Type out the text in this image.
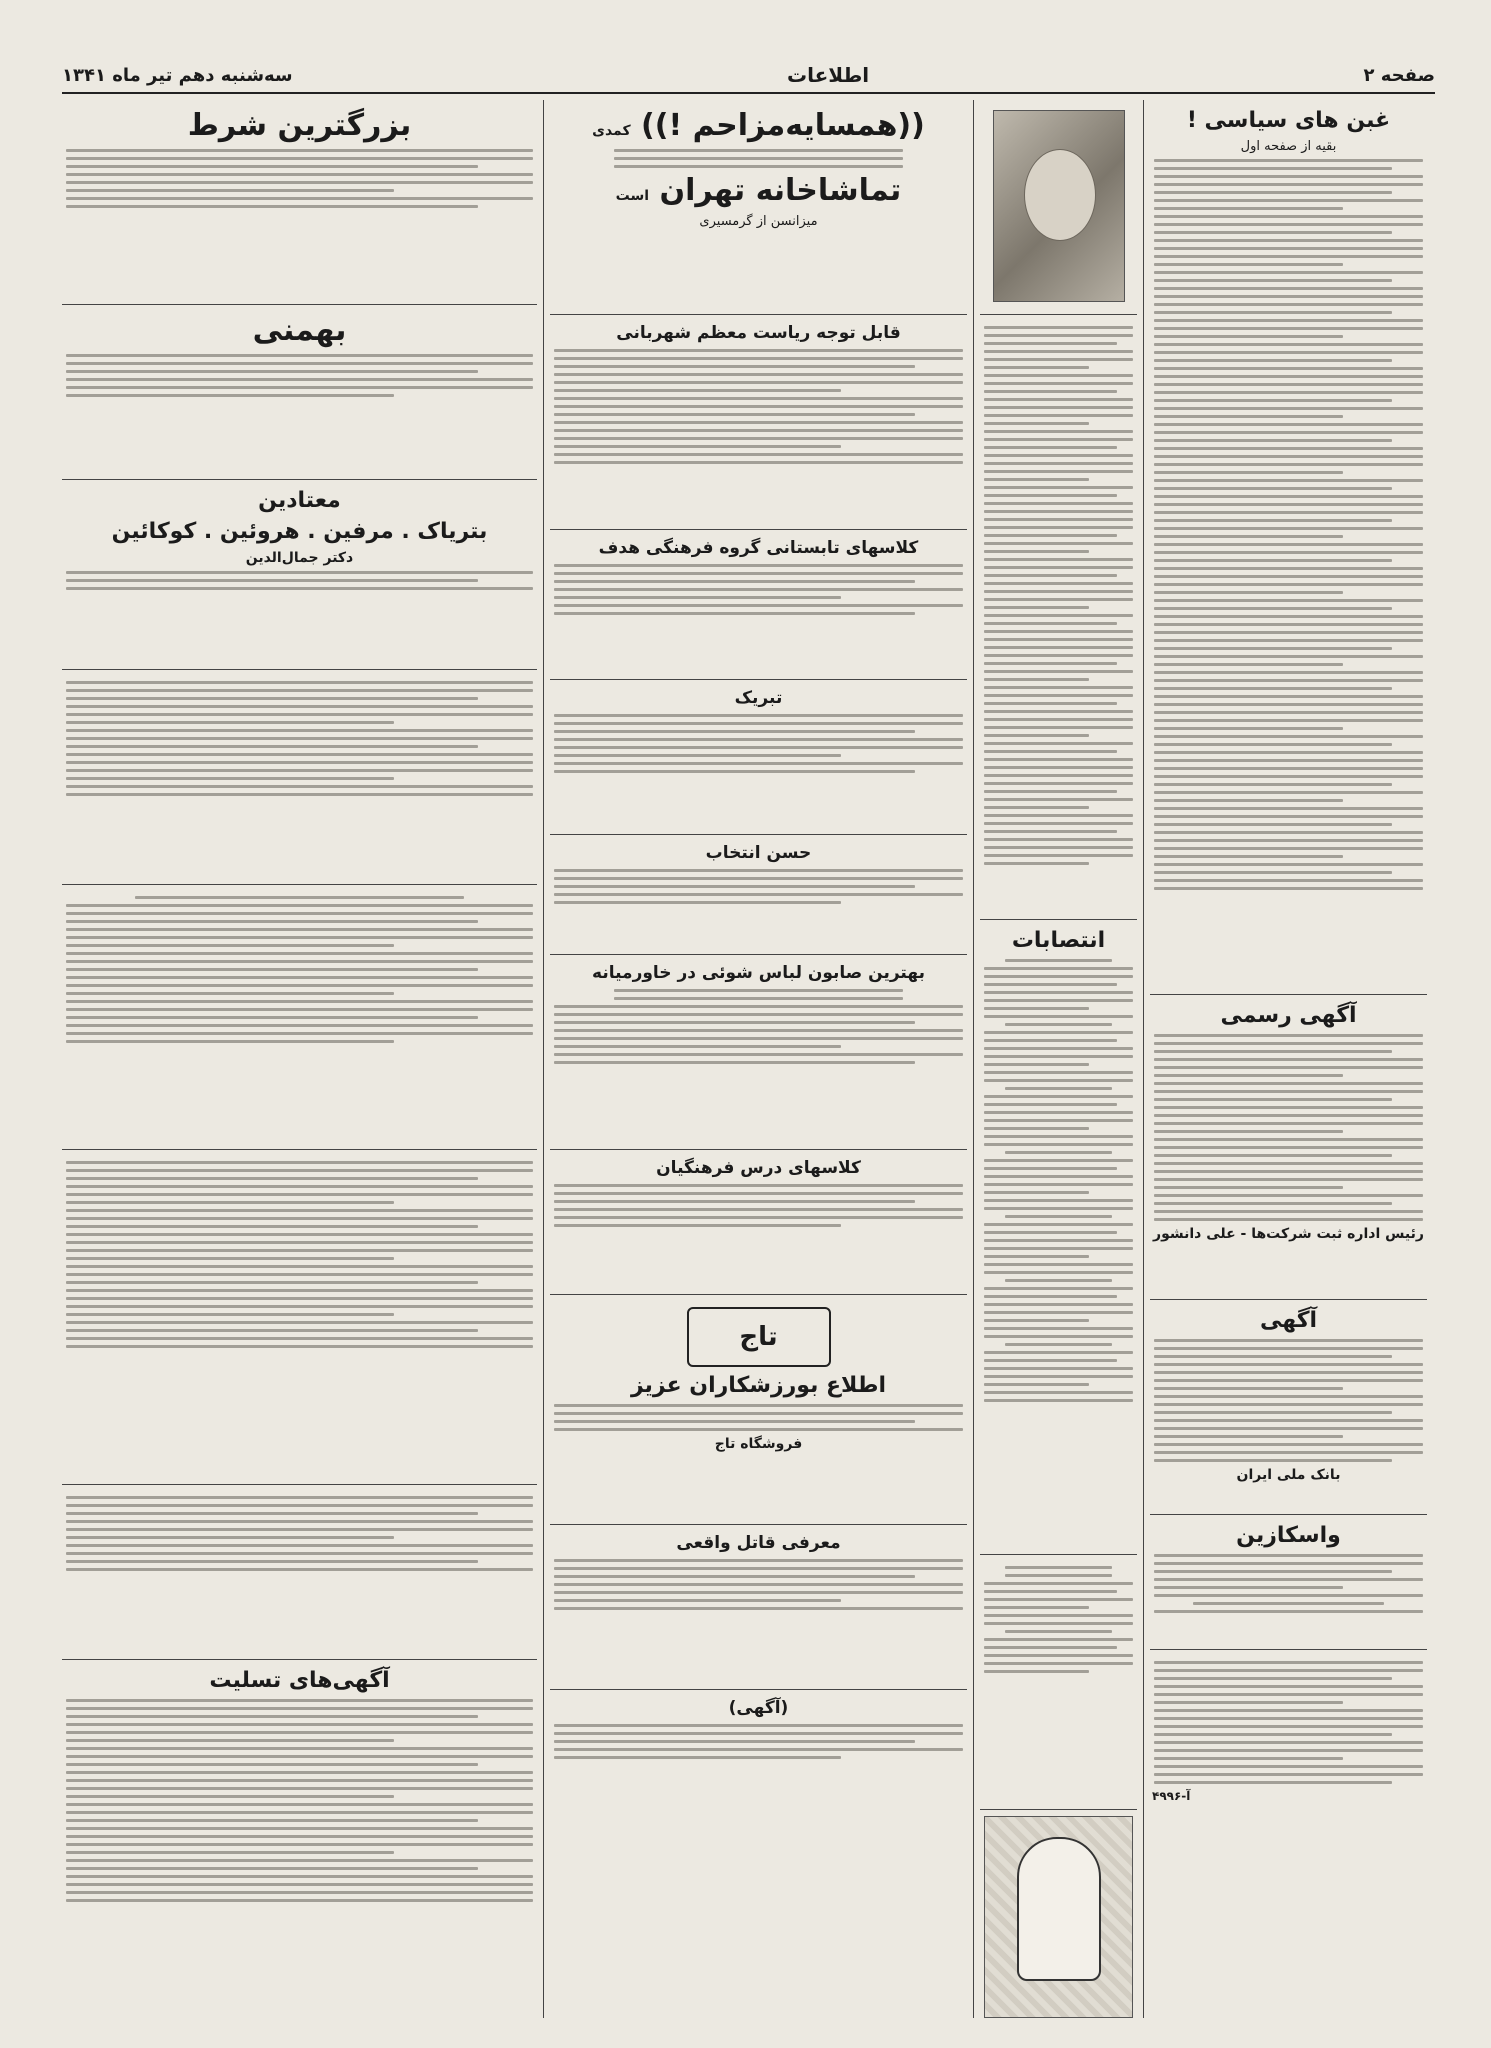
صفحه ۲
اطلاعات
سه‌شنبه دهم تیر ماه ۱۳۴۱
غبن های سیاسی !
بقیه از صفحه اول
آگهی رسمی
رئیس اداره ثبت شرکت‌ها - علی دانشور
آگهی
بانک ملی ایران
واسکازین
آ-۴۹۹۶
انتصابات
((همسایه‌مزاحم !)) کمدی
تماشاخانه تهران است
میزانسن از گرمسیری
قابل توجه ریاست معظم شهربانی
کلاسهای تابستانی گروه فرهنگی هدف
تبریک
حسن انتخاب
بهترین صابون لباس شوئی در خاورمیانه
کلاسهای درس فرهنگیان
تاج
اطلاع بورزشکاران عزیز
فروشگاه تاج
معرفی قاتل واقعی
(آگهی)
بزرگترین شرط
بهمنی
معتادین
بتریاک . مرفین . هروئین . کوکائین
دکتر جمال‌الدین
آگهی‌های تسلیت
